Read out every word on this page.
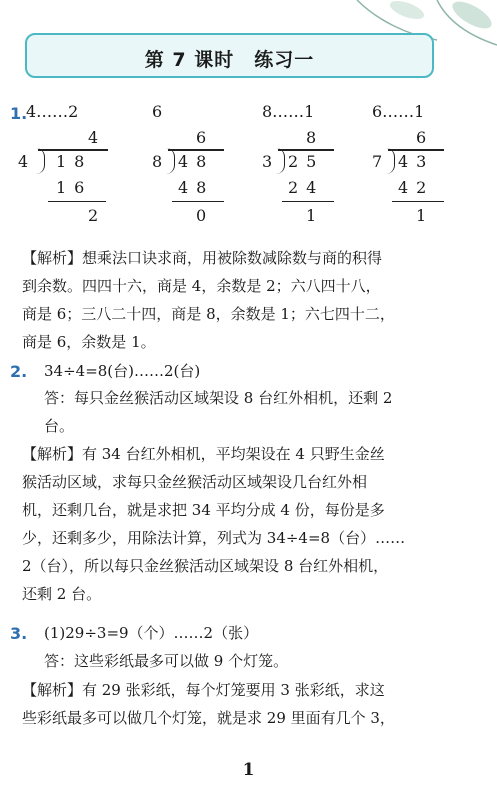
第 7 课时　练习一
1.
4……2
4
4 18
16
2
6
6
8 48
48
0
8……1
8
3 25
24
1
6……1
6
7 43
42
1
【解析】想乘法口诀求商，用被除数减除数与商的积得
到余数。四四十六，商是 4，余数是 2；六八四十八，
商是 6；三八二十四，商是 8，余数是 1；六七四十二，
商是 6，余数是 1。
2. 34÷4=8(台)……2(台)
答：每只金丝猴活动区域架设 8 台红外相机，还剩 2
台。
【解析】有 34 台红外相机，平均架设在 4 只野生金丝
猴活动区域，求每只金丝猴活动区域架设几台红外相
机，还剩几台，就是求把 34 平均分成 4 份，每份是多
少，还剩多少，用除法计算，列式为 34÷4=8（台）……
2（台），所以每只金丝猴活动区域架设 8 台红外相机，
还剩 2 台。
3. (1)29÷3=9（个）……2（张）
答：这些彩纸最多可以做 9 个灯笼。
【解析】有 29 张彩纸，每个灯笼要用 3 张彩纸，求这
些彩纸最多可以做几个灯笼，就是求 29 里面有几个 3，
1
